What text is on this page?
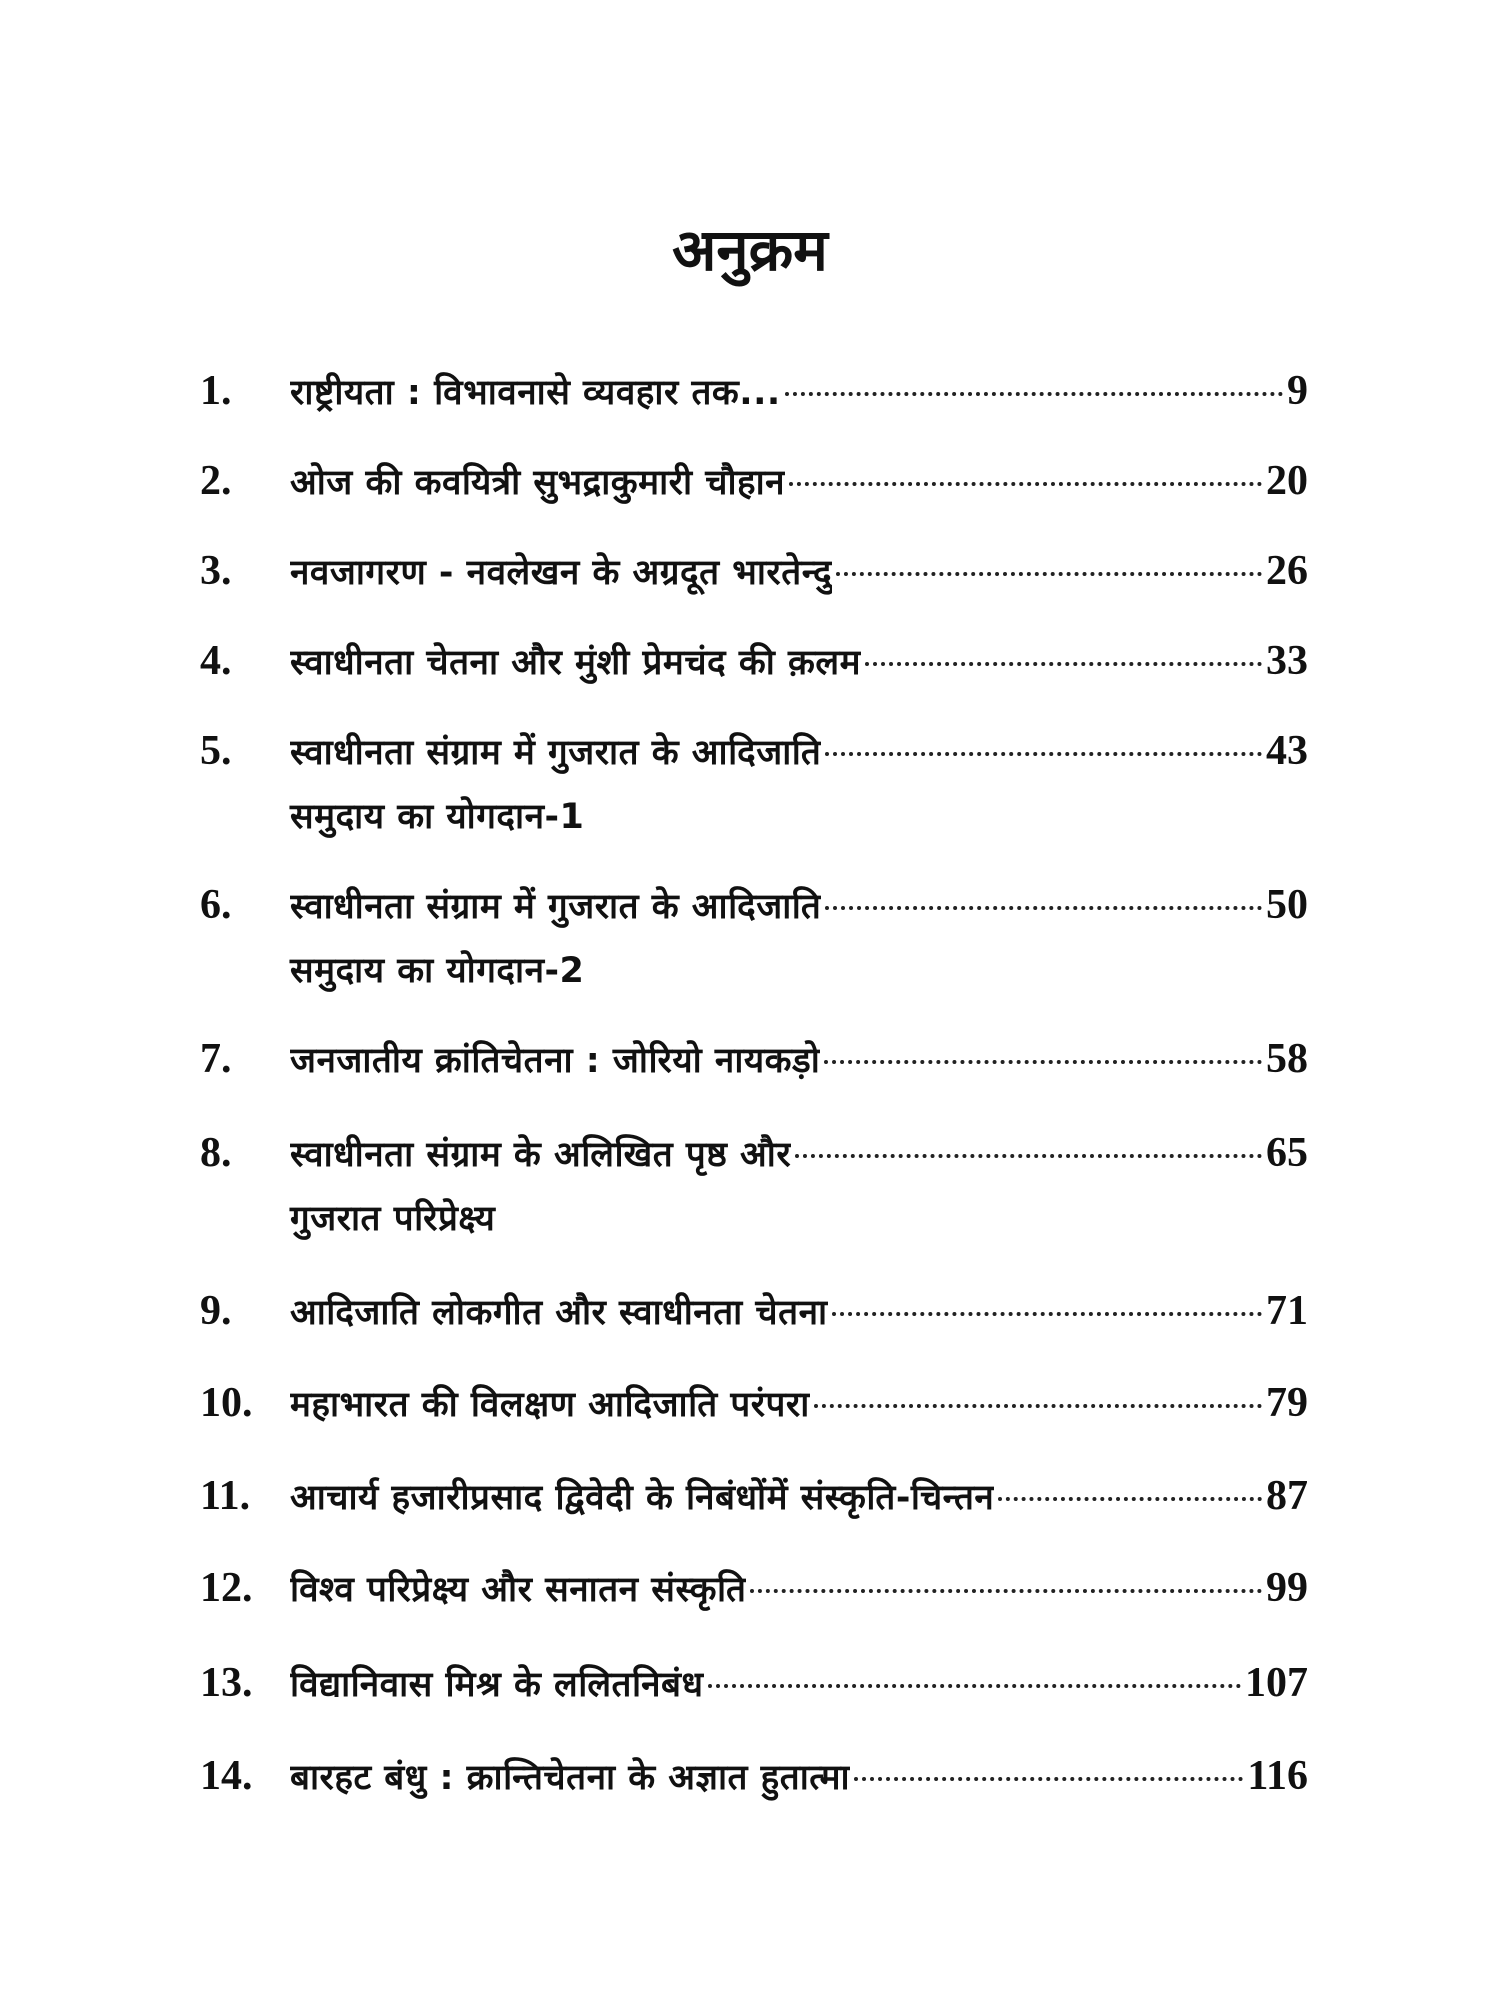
अनुक्रम
1.	राष्ट्रीयता : विभावनासे व्यवहार तक...	9
2.	ओज की कवयित्री सुभद्राकुमारी चौहान	20
3.	नवजागरण - नवलेखन के अग्रदूत भारतेन्दु	26
4.	स्वाधीनता चेतना और मुंशी प्रेमचंद की क़लम	33
5.	स्वाधीनता संग्राम में गुजरात के आदिजाति	43
समुदाय का योगदान-1
6.	स्वाधीनता संग्राम में गुजरात के आदिजाति	50
समुदाय का योगदान-2
7.	जनजातीय क्रांतिचेतना : जोरियो नायकड़ो	58
8.	स्वाधीनता संग्राम के अलिखित पृष्ठ और	65
गुजरात परिप्रेक्ष्य
9.	आदिजाति लोकगीत और स्वाधीनता चेतना	71
10.	महाभारत की विलक्षण आदिजाति परंपरा	79
11.	आचार्य हजारीप्रसाद द्विवेदी के निबंधोंमें संस्कृति-चिन्तन	87
12.	विश्व परिप्रेक्ष्य और सनातन संस्कृति	99
13.	विद्यानिवास मिश्र के ललितनिबंध	107
14.	बारहट बंधु : क्रान्तिचेतना के अज्ञात हुतात्मा	116
